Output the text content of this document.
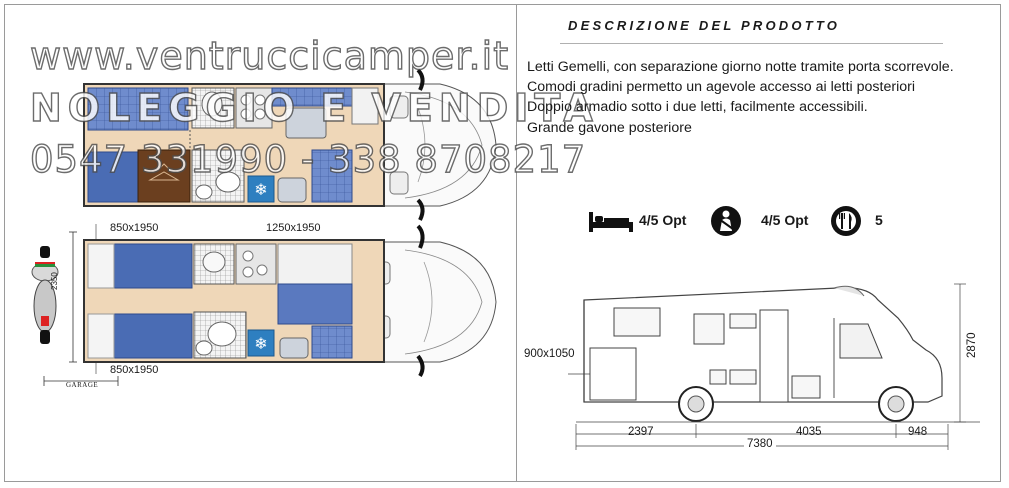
❄
❄
850x1950	1250x1950
850x1950
2350
GARAGE
www.ventruccicamper.it
NOLEGGIO E VENDITA
0547 331990 - 338 8708217
DESCRIZIONE DEL PRODOTTO

Letti Gemelli, con separazione giorno notte tramite porta scorrevole. Comodi gradini permetto un agevole accesso ai letti posteriori

Doppio armadio sotto i due letti, facilmente accessibili.

Grande gavone posteriore

4/5 Opt	4/5 Opt	5
900x1050	2870
2397	4035	948
7380
